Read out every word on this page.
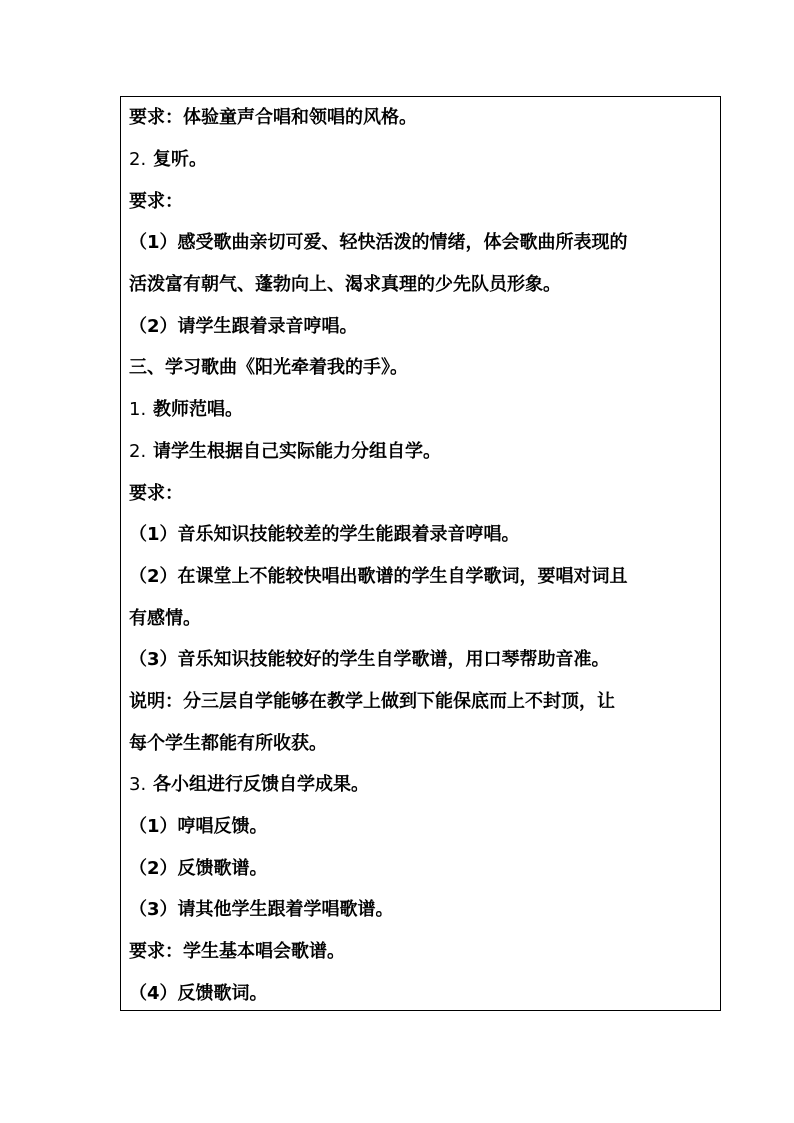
要求：体验童声合唱和领唱的风格。
2. 复听。
要求：
（1）感受歌曲亲切可爱、轻快活泼的情绪，体会歌曲所表现的
活泼富有朝气、蓬勃向上、渴求真理的少先队员形象。
（2）请学生跟着录音哼唱。
三、学习歌曲《阳光牵着我的手》。
1. 教师范唱。
2. 请学生根据自己实际能力分组自学。
要求：
（1）音乐知识技能较差的学生能跟着录音哼唱。
（2）在课堂上不能较快唱出歌谱的学生自学歌词，要唱对词且
有感情。
（3）音乐知识技能较好的学生自学歌谱，用口琴帮助音准。
说明：分三层自学能够在教学上做到下能保底而上不封顶，让
每个学生都能有所收获。
3. 各小组进行反馈自学成果。
（1）哼唱反馈。
（2）反馈歌谱。
（3）请其他学生跟着学唱歌谱。
要求：学生基本唱会歌谱。
（4）反馈歌词。
